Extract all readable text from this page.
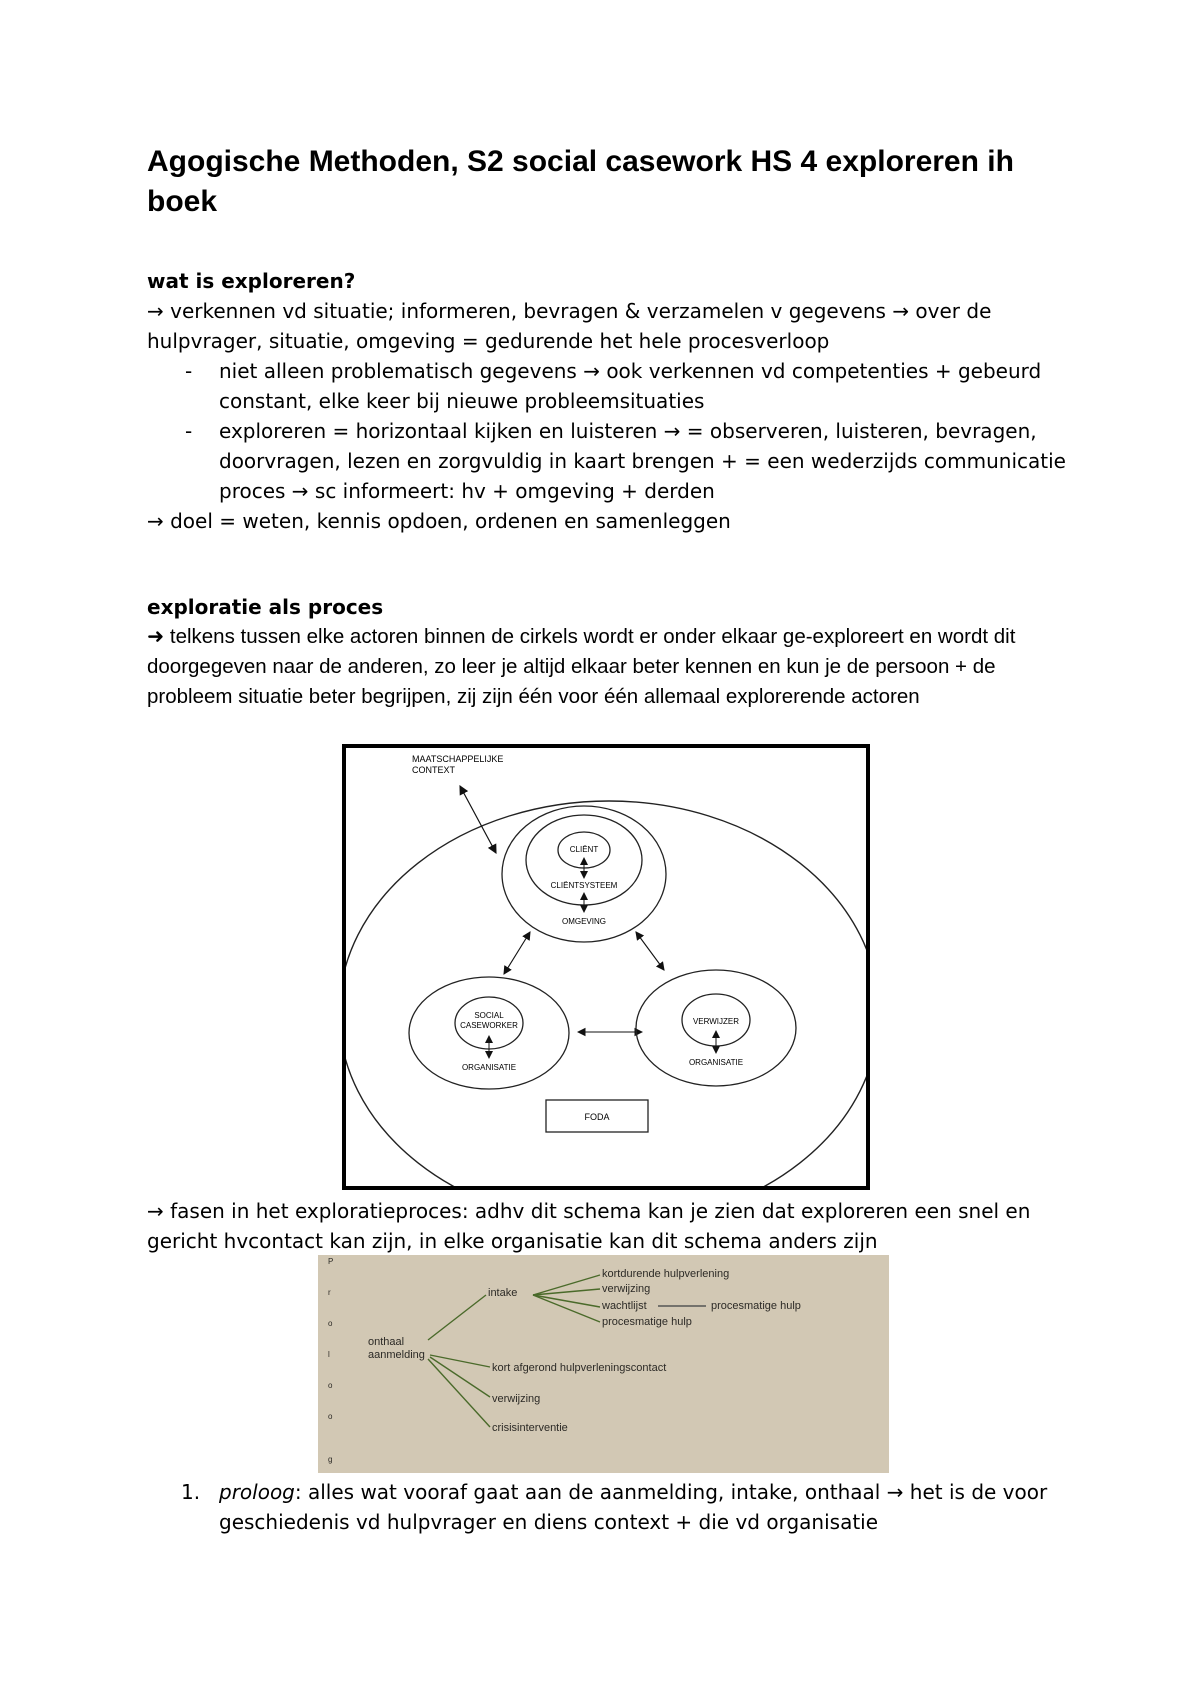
Agogische Methoden, S2 social casework HS 4 exploreren ih boek
wat is exploreren?
→ verkennen vd situatie; informeren, bevragen & verzamelen v gegevens → over de hulpvrager, situatie, omgeving = gedurende het hele procesverloop
- niet alleen problematisch gegevens → ook verkennen vd competenties + gebeurd constant, elke keer bij nieuwe probleemsituaties
- exploreren = horizontaal kijken en luisteren → = observeren, luisteren, bevragen, doorvragen, lezen en zorgvuldig in kaart brengen + = een wederzijds communicatie proces → sc informeert: hv + omgeving + derden
→ doel = weten, kennis opdoen, ordenen en samenleggen
exploratie als proces
➜ telkens tussen elke actoren binnen de cirkels wordt er onder elkaar ge-exploreert en wordt dit doorgegeven naar de anderen, zo leer je altijd elkaar beter kennen en kun je de persoon + de probleem situatie beter begrijpen, zij zijn één voor één allemaal explorerende actoren
→ fasen in het exploratieproces: adhv dit schema kan je zien dat exploreren een snel en gericht hvcontact kan zijn, in elke organisatie kan dit schema anders zijn
1. proloog: alles wat vooraf gaat aan de aanmelding, intake, onthaal → het is de voor geschiedenis vd hulpvrager en diens context + die vd organisatie
MAATSCHAPPELIJKE
CONTEXT
CLIËNT
CLIËNTSYSTEEM
OMGEVING
SOCIAL
CASEWORKER
ORGANISATIE
VERWIJZER
ORGANISATIE
FODA
P
r
o
l
o
o
g
onthaal
aanmelding
intake
kortdurende hulpverlening
verwijzing
wachtlijst
procesmatige hulp
procesmatige hulp
kort afgerond hulpverleningscontact
verwijzing
crisisinterventie
